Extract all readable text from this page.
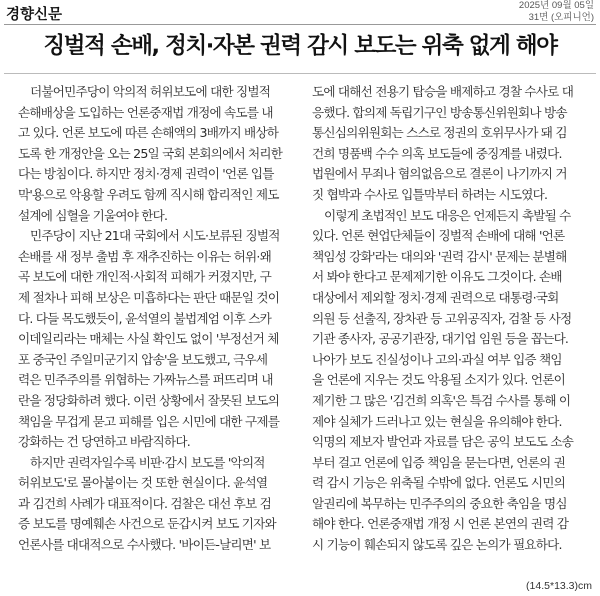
경향신문
2025년 09월 05일
31면 (오피니언)
징벌적 손배, 정치·자본 권력 감시 보도는 위축 없게 해야

더불어민주당이 악의적 허위보도에 대한 징벌적
손해배상을 도입하는 언론중재법 개정에 속도를 내
고 있다. 언론 보도에 따른 손해액의 3배까지 배상하
도록 한 개정안을 오는 25일 국회 본회의에서 처리한
다는 방침이다. 하지만 정치·경제 권력이 '언론 입틀
막'용으로 악용할 우려도 함께 직시해 합리적인 제도
설계에 심혈을 기울여야 한다.

민주당이 지난 21대 국회에서 시도·보류된 징벌적
손배를 새 정부 출범 후 재추진하는 이유는 허위·왜
곡 보도에 대한 개인적·사회적 피해가 커졌지만, 구
제 절차나 피해 보상은 미흡하다는 판단 때문일 것이
다. 다들 목도했듯이, 윤석열의 불법계엄 이후 스카
이데일리라는 매체는 사실 확인도 없이 '부정선거 체
포 중국인 주일미군기지 압송'을 보도했고, 극우세
력은 민주주의를 위협하는 가짜뉴스를 퍼뜨리며 내
란을 정당화하려 했다. 이런 상황에서 잘못된 보도의
책임을 무겁게 묻고 피해를 입은 시민에 대한 구제를
강화하는 건 당연하고 바람직하다.

하지만 권력자일수록 비판·감시 보도를 '악의적
허위보도'로 몰아붙이는 것 또한 현실이다. 윤석열
과 김건희 사례가 대표적이다. 검찰은 대선 후보 검
증 보도를 명예훼손 사건으로 둔갑시켜 보도 기자와
언론사를 대대적으로 수사했다. '바이든-날리면' 보

도에 대해선 전용기 탑승을 배제하고 경찰 수사로 대
응했다. 합의제 독립기구인 방송통신위원회나 방송
통신심의위원회는 스스로 정권의 호위무사가 돼 김
건희 명품백 수수 의혹 보도들에 중징계를 내렸다.
법원에서 무죄나 혐의없음으로 결론이 나기까지 거
짓 협박과 수사로 입틀막부터 하려는 시도였다.

이렇게 초법적인 보도 대응은 언제든지 촉발될 수
있다. 언론 현업단체들이 징벌적 손배에 대해 '언론
책임성 강화'라는 대의와 '권력 감시' 문제는 분별해
서 봐야 한다고 문제제기한 이유도 그것이다. 손배
대상에서 제외할 정치·경제 권력으로 대통령·국회
의원 등 선출직, 장차관 등 고위공직자, 검찰 등 사정
기관 종사자, 공공기관장, 대기업 임원 등을 꼽는다.
나아가 보도 진실성이나 고의·과실 여부 입증 책임
을 언론에 지우는 것도 악용될 소지가 있다. 언론이
제기한 그 많은 '김건희 의혹'은 특검 수사를 통해 이
제야 실체가 드러나고 있는 현실을 유의해야 한다.
익명의 제보자 발언과 자료를 담은 공익 보도도 소송
부터 걸고 언론에 입증 책임을 묻는다면, 언론의 권
력 감시 기능은 위축될 수밖에 없다. 언론도 시민의
알권리에 복무하는 민주주의의 중요한 축임을 명심
해야 한다. 언론중재법 개정 시 언론 본연의 권력 감
시 기능이 훼손되지 않도록 깊은 논의가 필요하다.

(14.5*13.3)cm
